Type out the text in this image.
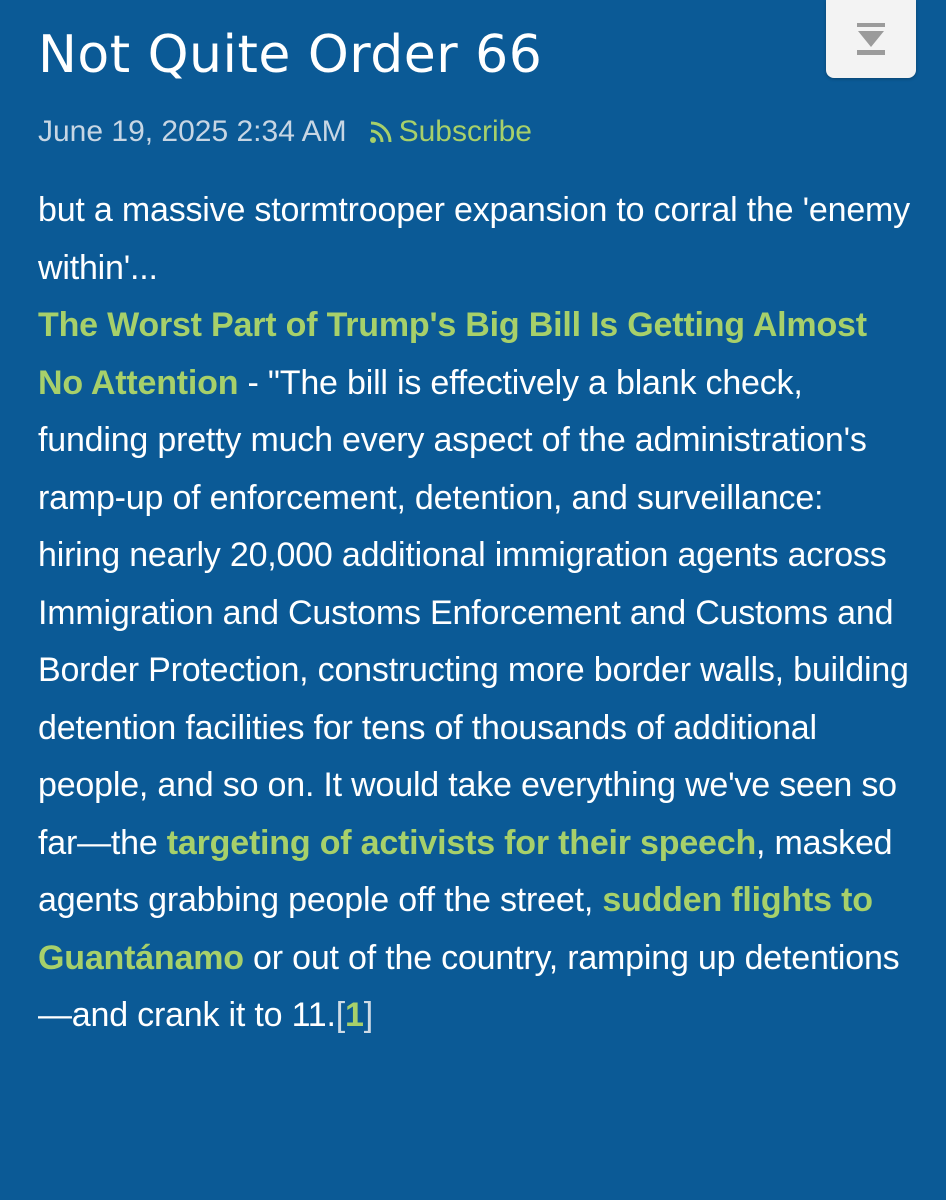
Not Quite Order 66
June 19, 2025 2:34 AM Subscribe

but a massive stormtrooper expansion to corral the 'enemy within'...
The Worst Part of Trump's Big Bill Is Getting Almost No Attention - "The bill is effectively a blank check, funding pretty much every aspect of the administration's ramp-up of enforcement, detention, and surveillance: hiring nearly 20,000 additional immigration agents across Immigration and Customs Enforcement and Customs and Border Protection, constructing more border walls, building detention facilities for tens of thousands of additional people, and so on. It would take everything we've seen so far—the targeting of activists for their speech, masked agents grabbing people off the street, sudden flights to Guantánamo or out of the country, ramping up detentions—and crank it to 11.[1]
